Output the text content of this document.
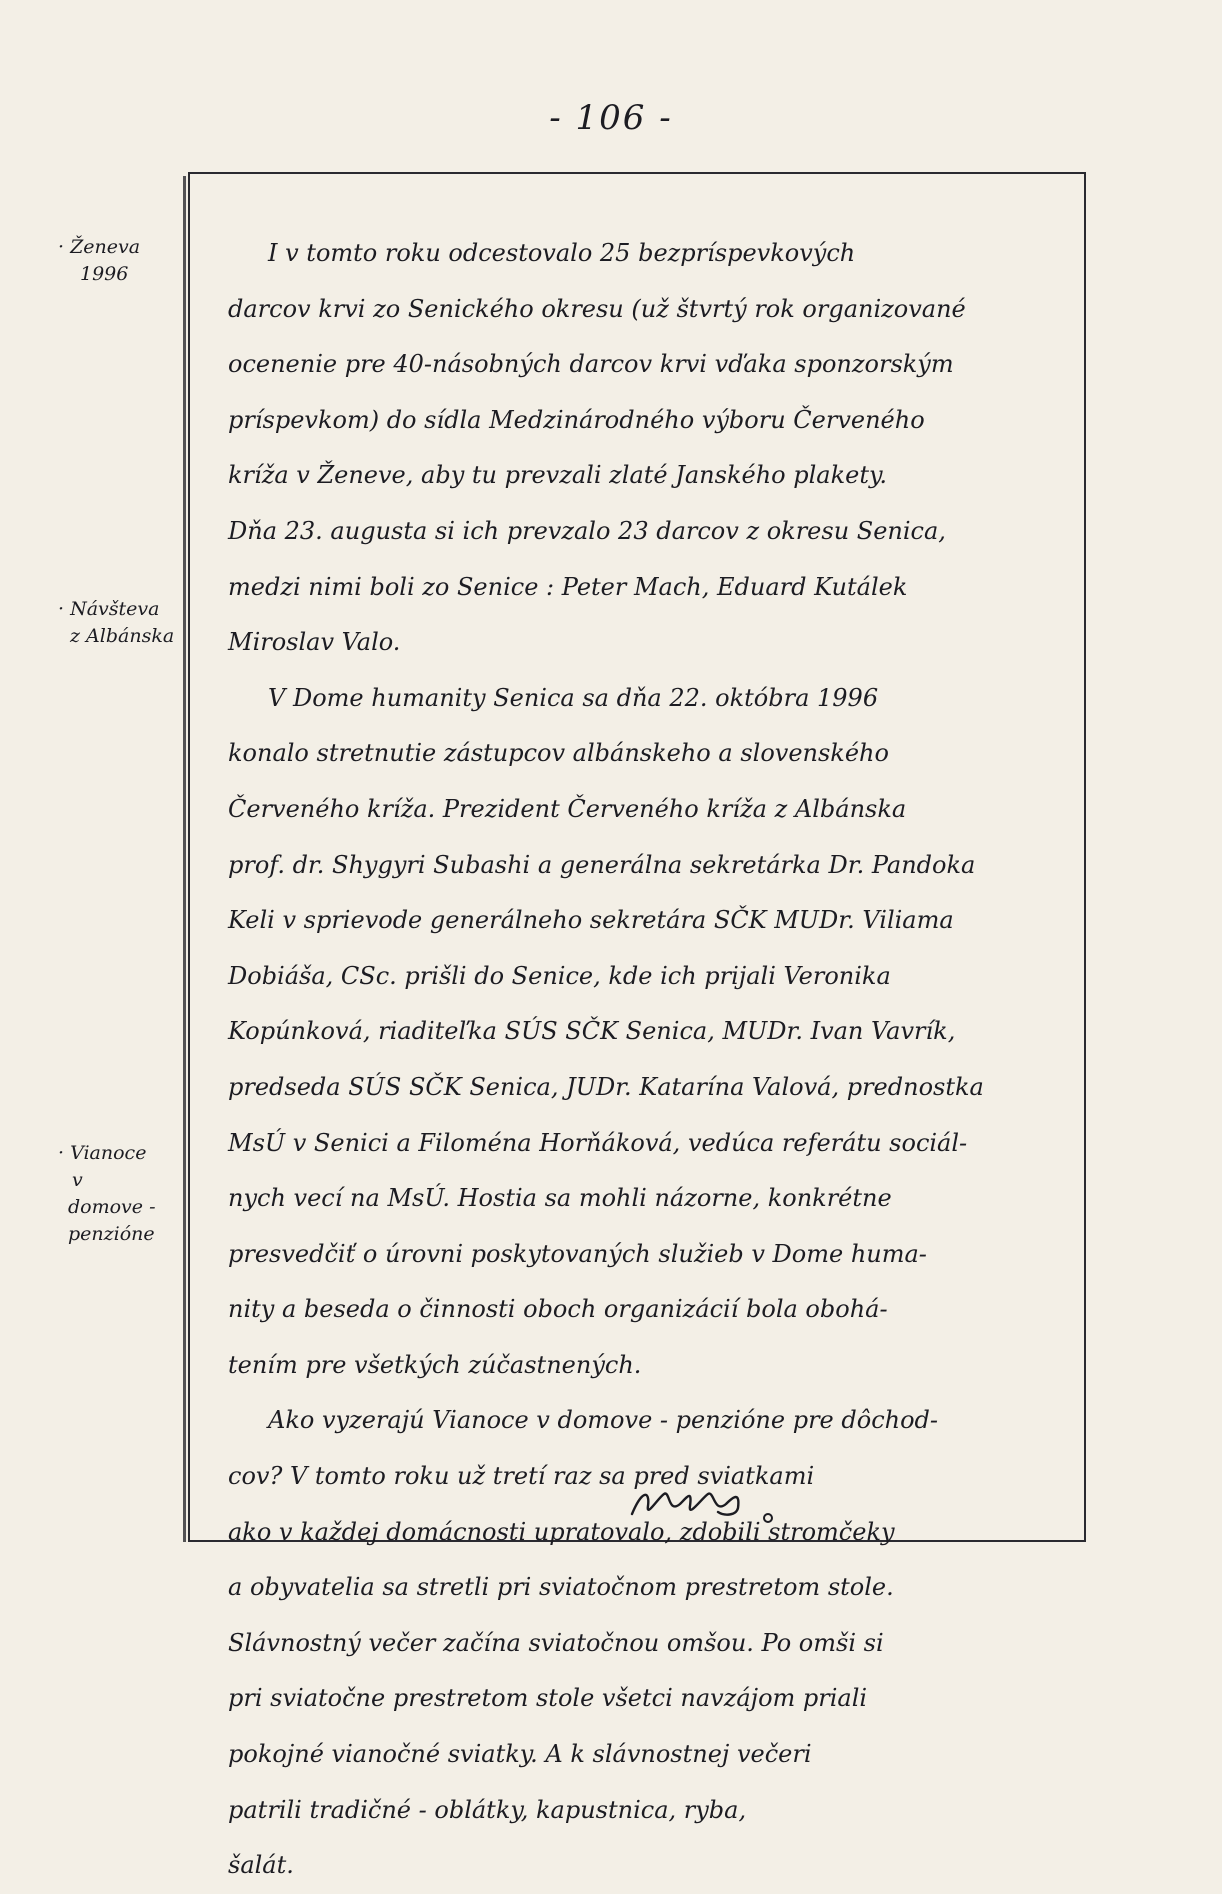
- 106 -
· Ženeva
1996
· Návšteva
z Albánska
· Vianoce
v
domove -
penzióne
I v tomto roku odcestovalo 25 bezpríspevkových
darcov krvi zo Senického okresu (už štvrtý rok organizované
ocenenie pre 40-násobných darcov krvi vďaka sponzorským
príspevkom) do sídla Medzinárodného výboru Červeného
kríža v Ženeve, aby tu prevzali zlaté Janského plakety.
Dňa 23. augusta si ich prevzalo 23 darcov z okresu Senica,
medzi nimi boli zo Senice : Peter Mach, Eduard Kutálek
Miroslav Valo.
V Dome humanity Senica sa dňa 22. októbra 1996
konalo stretnutie zástupcov albánskeho a slovenského
Červeného kríža. Prezident Červeného kríža z Albánska
prof. dr. Shygyri Subashi a generálna sekretárka Dr. Pandoka
Keli v sprievode generálneho sekretára SČK MUDr. Viliama
Dobiáša, CSc. prišli do Senice, kde ich prijali Veronika
Kopúnková, riaditeľka SÚS SČK Senica, MUDr. Ivan Vavrík,
predseda SÚS SČK Senica, JUDr. Katarína Valová, prednostka
MsÚ v Senici a Filoména Horňáková, vedúca referátu sociál-
nych vecí na MsÚ. Hostia sa mohli názorne, konkrétne
presvedčiť o úrovni poskytovaných služieb v Dome huma-
nity a beseda o činnosti oboch organizácií bola obohá-
tením pre všetkých zúčastnených.
Ako vyzerajú Vianoce v domove - penzióne pre dôchod-
cov? V tomto roku už tretí raz sa pred sviatkami
ako v každej domácnosti upratovalo, zdobili stromčeky
a obyvatelia sa stretli pri sviatočnom prestretom stole.
Slávnostný večer začína sviatočnou omšou. Po omši si
pri sviatočne prestretom stole všetci navzájom priali
pokojné vianočné sviatky. A k slávnostnej večeri
patrili tradičné - oblátky, kapustnica, ryba,
šalát.
